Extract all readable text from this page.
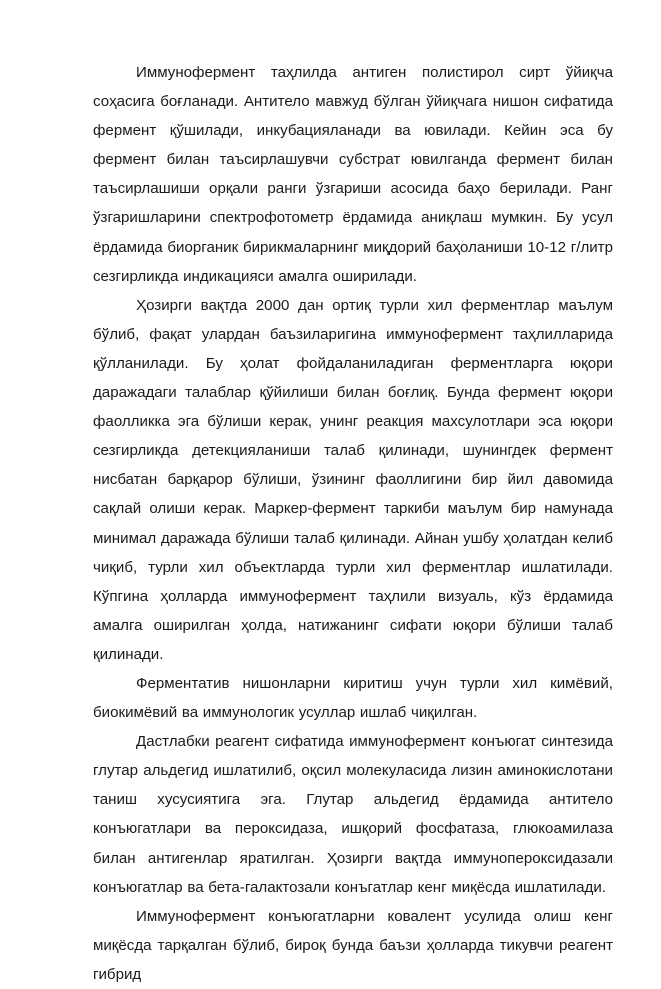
Иммунофермент таҳлилда антиген полистирол сирт ўйиқча соҳасига боғланади. Антитело мавжуд бўлган ўйиқчага нишон сифатида фермент қўшилади, инкубацияланади ва ювилади. Кейин эса бу фермент билан таъсирлашувчи субстрат ювилганда фермент билан таъсирлашиши орқали ранги ўзгариши асосида баҳо берилади. Ранг ўзгаришларини спектрофотометр ёрдамида аниқлаш мумкин. Бу усул ёрдамида биорганик бирикмаларнинг миқдорий баҳоланиши 10-12 г/литр сезгирликда индикацияси амалга оширилади.

Ҳозирги вақтда 2000 дан ортиқ турли хил ферментлар маълум бўлиб, фақат улардан баъзиларигина иммунофермент таҳлилларида қўлланилади. Бу ҳолат фойдаланиладиган ферментларга юқори даражадаги талаблар қўйилиши билан боғлиқ. Бунда фермент юқори фаолликка эга бўлиши керак, унинг реакция махсулотлари эса юқори сезгирликда детекцияланиши талаб қилинади, шунингдек фермент нисбатан барқарор бўлиши, ўзининг фаоллигини бир йил давомида сақлай олиши керак. Маркер-фермент таркиби маълум бир намунада минимал даражада бўлиши талаб қилинади. Айнан ушбу ҳолатдан келиб чиқиб, турли хил объектларда турли хил ферментлар ишлатилади. Кўпгина ҳолларда иммунофермент таҳлили визуаль, кўз ёрдамида амалга оширилган ҳолда, натижанинг сифати юқори бўлиши талаб қилинади.

Ферментатив нишонларни киритиш учун турли хил кимёвий, биокимёвий ва иммунологик усуллар ишлаб чиқилган.

Дастлабки реагент сифатида иммунофермент конъюгат синтезида глутар альдегид ишлатилиб, оқсил молекуласида лизин аминокислотани таниш хусусиятига эга. Глутар альдегид ёрдамида антитело конъюгатлари ва пероксидаза, ишқорий фосфатаза, глюкоамилаза билан антигенлар яратилган. Ҳозирги вақтда иммунопероксидазали конъюгатлар ва бета-галактозали конъгатлар кенг миқёсда ишлатилади.

Иммунофермент конъюгатларни ковалент усулида олиш кенг миқёсда тарқалган бўлиб, бироқ бунда баъзи ҳолларда тикувчи реагент гибрид
